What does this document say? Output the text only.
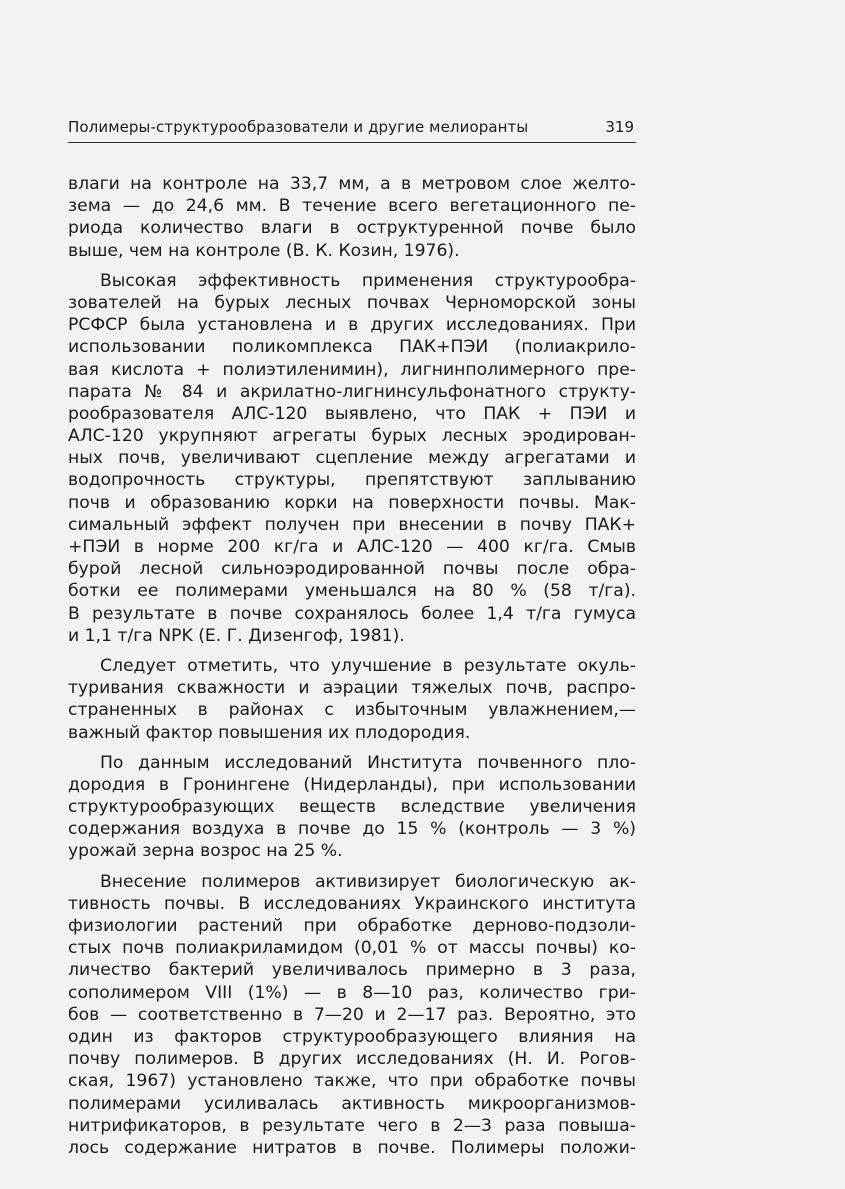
Полимеры-структурообразователи и другие мелиоранты	319
влаги на контроле на 33,7 мм, а в метровом слое желто-
зема — до 24,6 мм. В течение всего вегетационного пе-
риода количество влаги в оструктуренной почве было
выше, чем на контроле (В. К. Козин, 1976).
Высокая эффективность применения структурообра-
зователей на бурых лесных почвах Черноморской зоны
РСФСР была установлена и в других исследованиях. При
использовании поликомплекса ПАК+ПЭИ (полиакрило-
вая кислота + полиэтиленимин), лигнинполимерного пре-
парата № 84 и акрилатно-лигнинсульфонатного структу-
рообразователя АЛС-120 выявлено, что ПАК + ПЭИ и
АЛС-120 укрупняют агрегаты бурых лесных эродирован-
ных почв, увеличивают сцепление между агрегатами и
водопрочность структуры, препятствуют заплыванию
почв и образованию корки на поверхности почвы. Мак-
симальный эффект получен при внесении в почву ПАК+
+ПЭИ в норме 200 кг/га и АЛС-120 — 400 кг/га. Смыв
бурой лесной сильноэродированной почвы после обра-
ботки ее полимерами уменьшался на 80 % (58 т/га).
В результате в почве сохранялось более 1,4 т/га гумуса
и 1,1 т/га NPK (Е. Г. Дизенгоф, 1981).
Следует отметить, что улучшение в результате окуль-
туривания скважности и аэрации тяжелых почв, распро-
страненных в районах с избыточным увлажнением,—
важный фактор повышения их плодородия.
По данным исследований Института почвенного пло-
дородия в Гронингене (Нидерланды), при использовании
структурообразующих веществ вследствие увеличения
содержания воздуха в почве до 15 % (контроль — 3 %)
урожай зерна возрос на 25 %.
Внесение полимеров активизирует биологическую ак-
тивность почвы. В исследованиях Украинского института
физиологии растений при обработке дерново-подзоли-
стых почв полиакриламидом (0,01 % от массы почвы) ко-
личество бактерий увеличивалось примерно в 3 раза,
сополимером VIII (1%) — в 8—10 раз, количество гри-
бов — соответственно в 7—20 и 2—17 раз. Вероятно, это
один из факторов структурообразующего влияния на
почву полимеров. В других исследованиях (Н. И. Рогов-
ская, 1967) установлено также, что при обработке почвы
полимерами усиливалась активность микроорганизмов-
нитрификаторов, в результате чего в 2—3 раза повыша-
лось содержание нитратов в почве. Полимеры положи-
